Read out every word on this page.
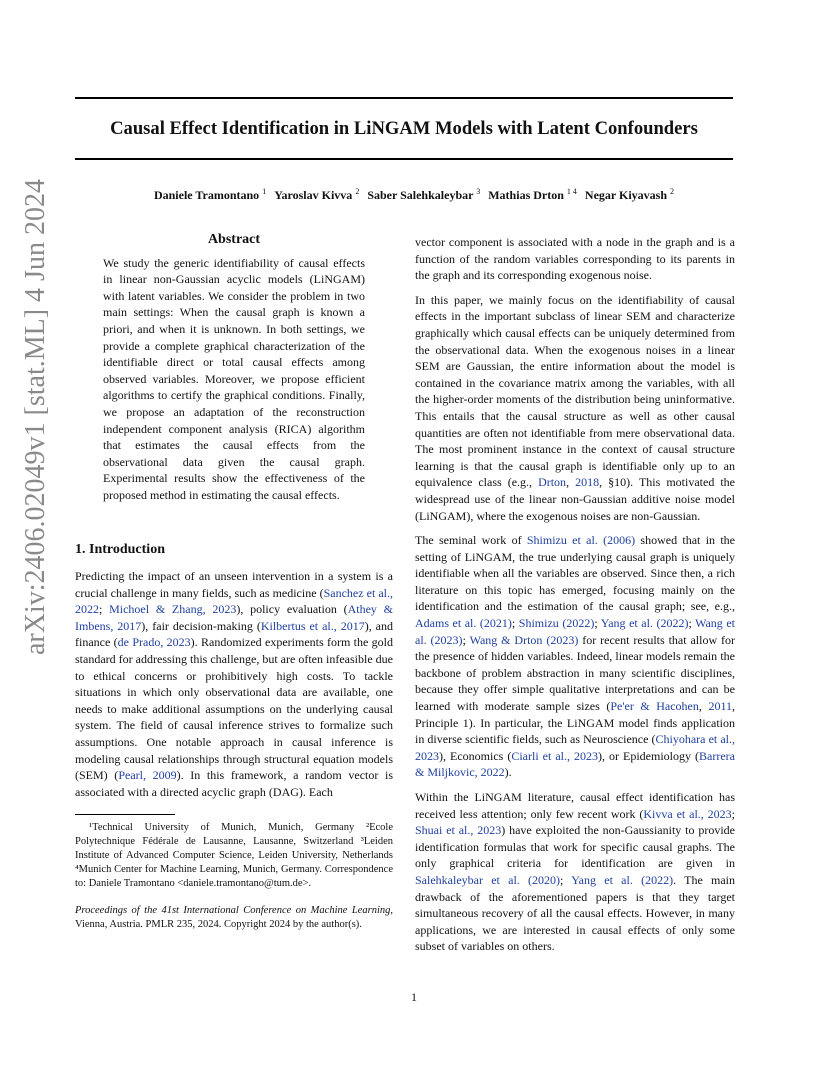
Causal Effect Identification in LiNGAM Models with Latent Confounders
Daniele Tramontano $^1$ Yaroslav Kivva $^2$ Saber Salehkaleybar $^3$ Mathias Drton $^{1 4}$ Negar Kiyavash $^2$
arXiv:2406.02049v1 [stat.ML] 4 Jun 2024	Abstract

We study the generic identifiability of causal effects in linear non-Gaussian acyclic models (LiNGAM) with latent variables. We consider the problem in two main settings: When the causal graph is known a priori, and when it is unknown. In both settings, we provide a complete graphical characterization of the identifiable direct or total causal effects among observed variables. Moreover, we propose efficient algorithms to certify the graphical conditions. Finally, we propose an adaptation of the reconstruction independent component analysis (RICA) algorithm that estimates the causal effects from the observational data given the causal graph. Experimental results show the effectiveness of the proposed method in estimating the causal effects.

1. Introduction

Predicting the impact of an unseen intervention in a system is a crucial challenge in many fields, such as medicine (Sanchez et al., 2022; Michoel & Zhang, 2023), policy evaluation (Athey & Imbens, 2017), fair decision-making (Kilbertus et al., 2017), and finance (de Prado, 2023). Randomized experiments form the gold standard for addressing this challenge, but are often infeasible due to ethical concerns or prohibitively high costs. To tackle situations in which only observational data are available, one needs to make additional assumptions on the underlying causal system. The field of causal inference strives to formalize such assumptions. One notable approach in causal inference is modeling causal relationships through structural equation models (SEM) (Pearl, 2009). In this framework, a random vector is associated with a directed acyclic graph (DAG). Each

¹Technical University of Munich, Munich, Germany ²Ecole Polytechnique Fédérale de Lausanne, Lausanne, Switzerland ³Leiden Institute of Advanced Computer Science, Leiden University, Netherlands ⁴Munich Center for Machine Learning, Munich, Germany. Correspondence to: Daniele Tramontano <daniele.tramontano@tum.de>.

Proceedings of the 41st International Conference on Machine Learning, Vienna, Austria. PMLR 235, 2024. Copyright 2024 by the author(s).

vector component is associated with a node in the graph and is a function of the random variables corresponding to its parents in the graph and its corresponding exogenous noise.

In this paper, we mainly focus on the identifiability of causal effects in the important subclass of linear SEM and characterize graphically which causal effects can be uniquely determined from the observational data. When the exogenous noises in a linear SEM are Gaussian, the entire information about the model is contained in the covariance matrix among the variables, with all the higher-order moments of the distribution being uninformative. This entails that the causal structure as well as other causal quantities are often not identifiable from mere observational data. The most prominent instance in the context of causal structure learning is that the causal graph is identifiable only up to an equivalence class (e.g., Drton, 2018, §10). This motivated the widespread use of the linear non-Gaussian additive noise model (LiNGAM), where the exogenous noises are non-Gaussian.

The seminal work of Shimizu et al. (2006) showed that in the setting of LiNGAM, the true underlying causal graph is uniquely identifiable when all the variables are observed. Since then, a rich literature on this topic has emerged, focusing mainly on the identification and the estimation of the causal graph; see, e.g., Adams et al. (2021); Shimizu (2022); Yang et al. (2022); Wang et al. (2023); Wang & Drton (2023) for recent results that allow for the presence of hidden variables. Indeed, linear models remain the backbone of problem abstraction in many scientific disciplines, because they offer simple qualitative interpretations and can be learned with moderate sample sizes (Pe'er & Hacohen, 2011, Principle 1). In particular, the LiNGAM model finds application in diverse scientific fields, such as Neuroscience (Chiyohara et al., 2023), Economics (Ciarli et al., 2023), or Epidemiology (Barrera & Miljkovic, 2022).

Within the LiNGAM literature, causal effect identification has received less attention; only few recent work (Kivva et al., 2023; Shuai et al., 2023) have exploited the non-Gaussianity to provide identification formulas that work for specific causal graphs. The only graphical criteria for identification are given in Salehkaleybar et al. (2020); Yang et al. (2022). The main drawback of the aforementioned papers is that they target simultaneous recovery of all the causal effects. However, in many applications, we are interested in causal effects of only some subset of variables on others.

1
